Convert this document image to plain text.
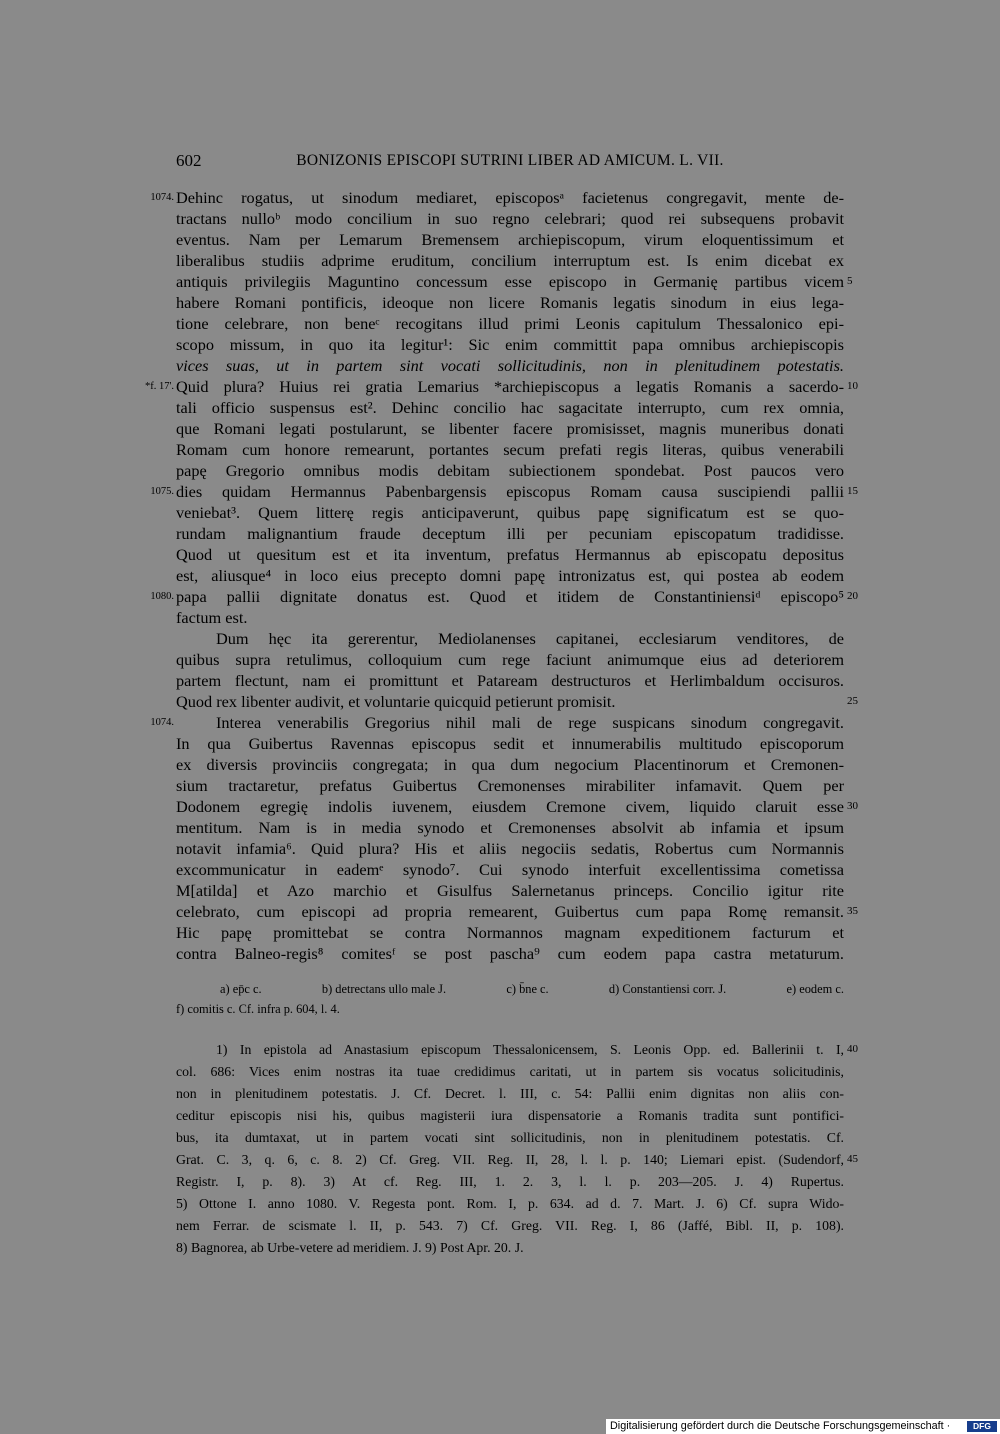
602	BONIZONIS EPISCOPI SUTRINI LIBER AD AMICUM. L. VII.
Dehinc rogatus, ut sinodum mediaret, episcoposᵃ facietenus congregavit, mente de-
tractans nulloᵇ modo concilium in suo regno celebrari; quod rei subsequens probavit
eventus. Nam per Lemarum Bremensem archiepiscopum, virum eloquentissimum et
liberalibus studiis adprime eruditum, concilium interruptum est. Is enim dicebat ex
antiquis privilegiis Maguntino concessum esse episcopo in Germanię partibus vicem
habere Romani pontificis, ideoque non licere Romanis legatis sinodum in eius lega-
tione celebrare, non beneᶜ recogitans illud primi Leonis capitulum Thessalonico epi-
scopo missum, in quo ita legitur¹: Sic enim committit papa omnibus archiepiscopis
vices suas, ut in partem sint vocati sollicitudinis, non in plenitudinem potestatis.
Quid plura? Huius rei gratia Lemarius *archiepiscopus a legatis Romanis a sacerdo-
tali officio suspensus est². Dehinc concilio hac sagacitate interrupto, cum rex omnia,
que Romani legati postularunt, se libenter facere promisisset, magnis muneribus donati
Romam cum honore remearunt, portantes secum prefati regis literas, quibus venerabili
papę Gregorio omnibus modis debitam subiectionem spondebat. Post paucos vero
dies quidam Hermannus Pabenbargensis episcopus Romam causa suscipiendi pallii
veniebat³. Quem litterę regis anticipaverunt, quibus papę significatum est se quo-
rundam malignantium fraude deceptum illi per pecuniam episcopatum tradidisse.
Quod ut quesitum est et ita inventum, prefatus Hermannus ab episcopatu depositus
est, aliusque⁴ in loco eius precepto domni papę intronizatus est, qui postea ab eodem
papa pallii dignitate donatus est. Quod et itidem de Constantiniensiᵈ episcopo⁵
factum est.
Dum hęc ita gererentur, Mediolanenses capitanei, ecclesiarum venditores, de
quibus supra retulimus, colloquium cum rege faciunt animumque eius ad deteriorem
partem flectunt, nam ei promittunt et Pataream destructuros et Herlimbaldum occisuros.
Quod rex libenter audivit, et voluntarie quicquid petierunt promisit.
Interea venerabilis Gregorius nihil mali de rege suspicans sinodum congregavit.
In qua Guibertus Ravennas episcopus sedit et innumerabilis multitudo episcoporum
ex diversis provinciis congregata; in qua dum negocium Placentinorum et Cremonen-
sium tractaretur, prefatus Guibertus Cremonenses mirabiliter infamavit. Quem per
Dodonem egregię indolis iuvenem, eiusdem Cremone civem, liquido claruit esse
mentitum. Nam is in media synodo et Cremonenses absolvit ab infamia et ipsum
notavit infamia⁶. Quid plura? His et aliis negociis sedatis, Robertus cum Normannis
excommunicatur in eademᵉ synodo⁷. Cui synodo interfuit excellentissima cometissa
M[atilda] et Azo marchio et Gisulfus Salernetanus princeps. Concilio igitur rite
celebrato, cum episcopi ad propria remearent, Guibertus cum papa Romę remansit.
Hic papę promittebat se contra Normannos magnam expeditionem facturum et
contra Balneo-regis⁸ comitesᶠ se post pascha⁹ cum eodem papa castra metaturum.
1074.
*f. 17'.
1075.
1080.
1074.
5
10
15
20
25
30
35
40
45
a) ep̄c c.	b) detrectans ullo male J.	c) b̄ne c.	d) Constantiensi corr. J.	e) eodem c.
f) comitis c. Cf. infra p. 604, l. 4.
1) In epistola ad Anastasium episcopum Thessalonicensem, S. Leonis Opp. ed. Ballerinii t. I,
col. 686: Vices enim nostras ita tuae credidimus caritati, ut in partem sis vocatus solicitudinis,
non in plenitudinem potestatis. J. Cf. Decret. l. III, c. 54: Pallii enim dignitas non aliis con-
ceditur episcopis nisi his, quibus magisterii iura dispensatorie a Romanis tradita sunt pontifici-
bus, ita dumtaxat, ut in partem vocati sint sollicitudinis, non in plenitudinem potestatis. Cf.
Grat. C. 3, q. 6, c. 8. 2) Cf. Greg. VII. Reg. II, 28, l. l. p. 140; Liemari epist. (Sudendorf,
Registr. I, p. 8). 3) At cf. Reg. III, 1. 2. 3, l. l. p. 203—205. J. 4) Rupertus.
5) Ottone I. anno 1080. V. Regesta pont. Rom. I, p. 634. ad d. 7. Mart. J. 6) Cf. supra Wido-
nem Ferrar. de scismate l. II, p. 543. 7) Cf. Greg. VII. Reg. I, 86 (Jaffé, Bibl. II, p. 108).
8) Bagnorea, ab Urbe-vetere ad meridiem. J. 9) Post Apr. 20. J.
Digitalisierung gefördert durch die Deutsche Forschungsgemeinschaft ·	DFG
